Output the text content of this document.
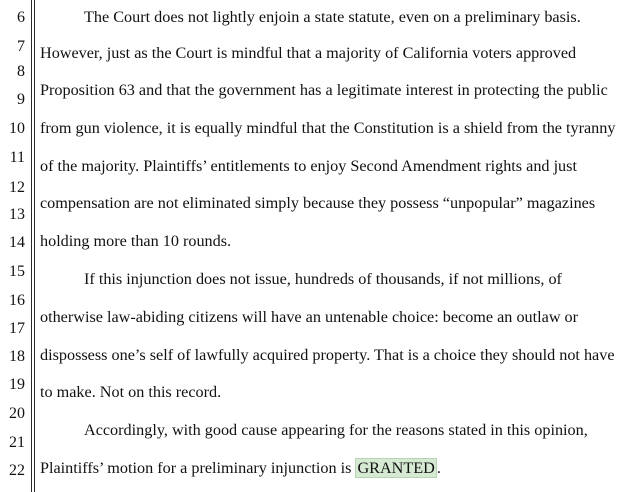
6
7
8
9
10
11
12
13
14
15
16
17
18
19
20
21
22
The Court does not lightly enjoin a state statute, even on a preliminary basis.
However, just as the Court is mindful that a majority of California voters approved
Proposition 63 and that the government has a legitimate interest in protecting the public
from gun violence, it is equally mindful that the Constitution is a shield from the tyranny
of the majority. Plaintiffs’ entitlements to enjoy Second Amendment rights and just
compensation are not eliminated simply because they possess “unpopular” magazines
holding more than 10 rounds.
If this injunction does not issue, hundreds of thousands, if not millions, of
otherwise law-abiding citizens will have an untenable choice: become an outlaw or
dispossess one’s self of lawfully acquired property. That is a choice they should not have
to make. Not on this record.
Accordingly, with good cause appearing for the reasons stated in this opinion,
Plaintiffs’ motion for a preliminary injunction is GRANTED .
